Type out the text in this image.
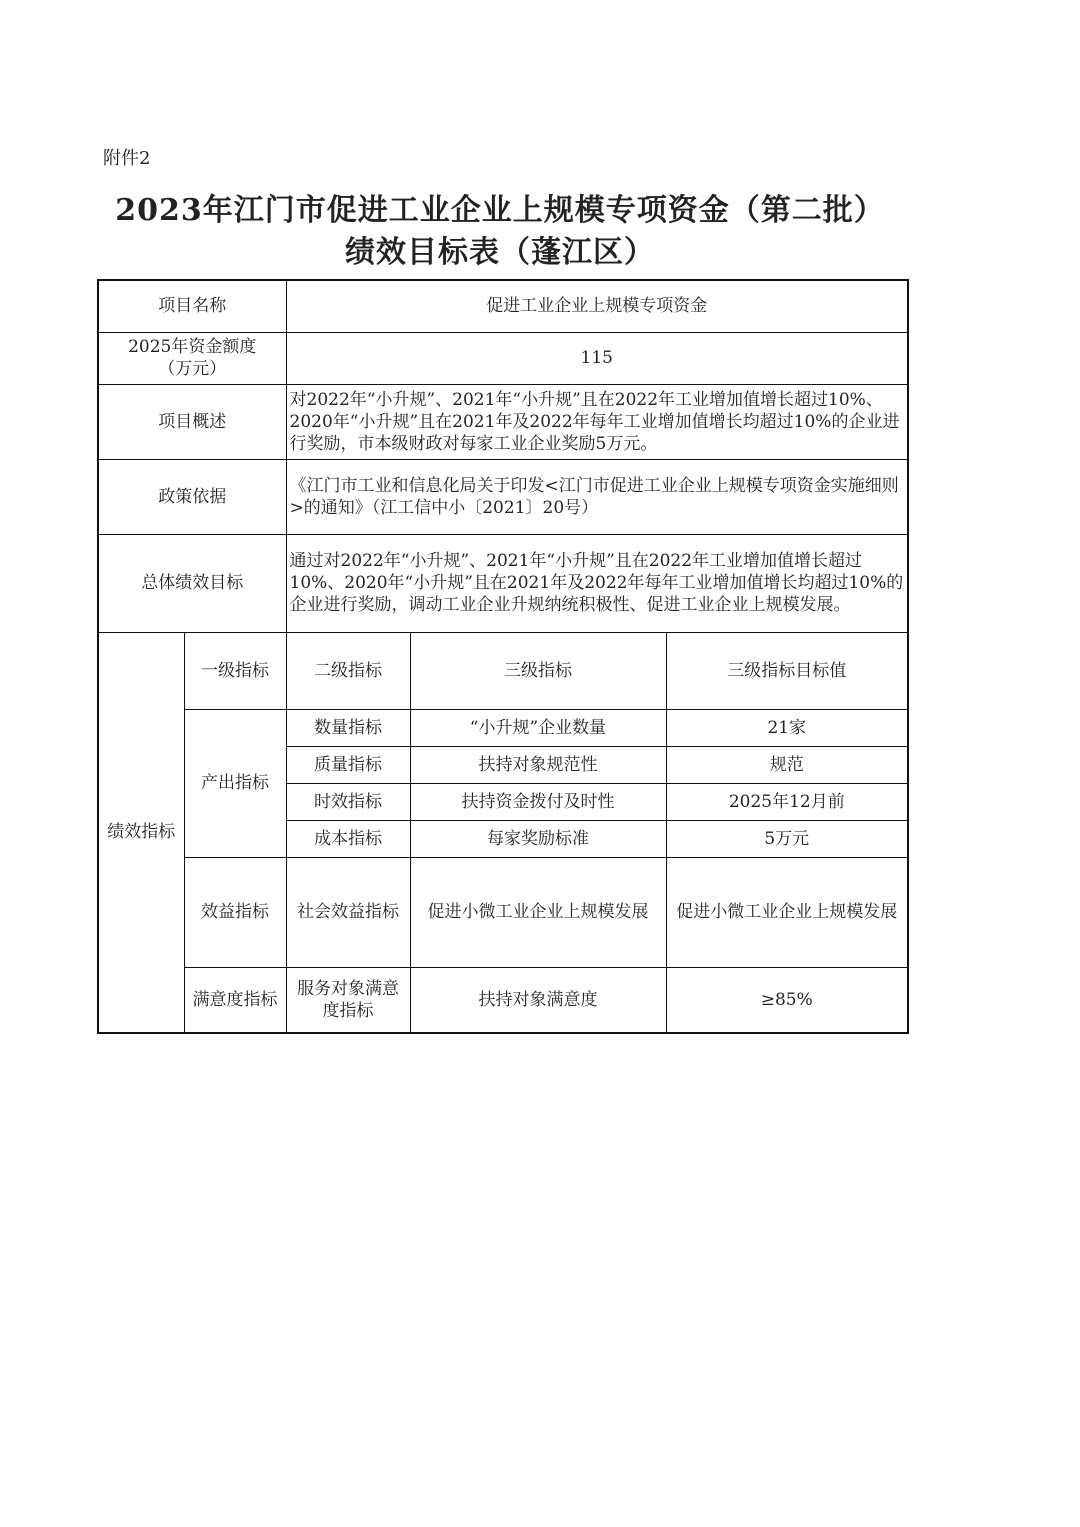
附件2
2023年江门市促进工业企业上规模专项资金（第二批）
绩效目标表（蓬江区）
项目名称		促进工业企业上规模专项资金		

2025年资金额度
（万元）		115		
项目概述		对2022年“小升规”、2021年“小升规”且在2022年工业增加值增长超过10%、2020年“小升规”且在2021年及2022年每年工业增加值增长均超过10%的企业进行奖励，市本级财政对每家工业企业奖励5万元。		
政策依据		《江门市工业和信息化局关于印发<江门市促进工业企业上规模专项资金实施细则>的通知》（江工信中小〔2021〕20号）		
总体绩效目标		通过对2022年“小升规”、2021年“小升规”且在2022年工业增加值增长超过10%、2020年“小升规”且在2021年及2022年每年工业增加值增长均超过10%的企业进行奖励，调动工业企业升规纳统积极性、促进工业企业上规模发展。		
绩效指标	一级指标	二级指标	三级指标	三级指标目标值
	产出指标	数量指标	“小升规”企业数量	21家
		质量指标	扶持对象规范性	规范
		时效指标	扶持资金拨付及时性	2025年12月前
		成本指标	每家奖励标准	5万元
	效益指标	社会效益指标	促进小微工业企业上规模发展	促进小微工业企业上规模发展
	满意度指标	服务对象满意度指标	扶持对象满意度	≥85%
